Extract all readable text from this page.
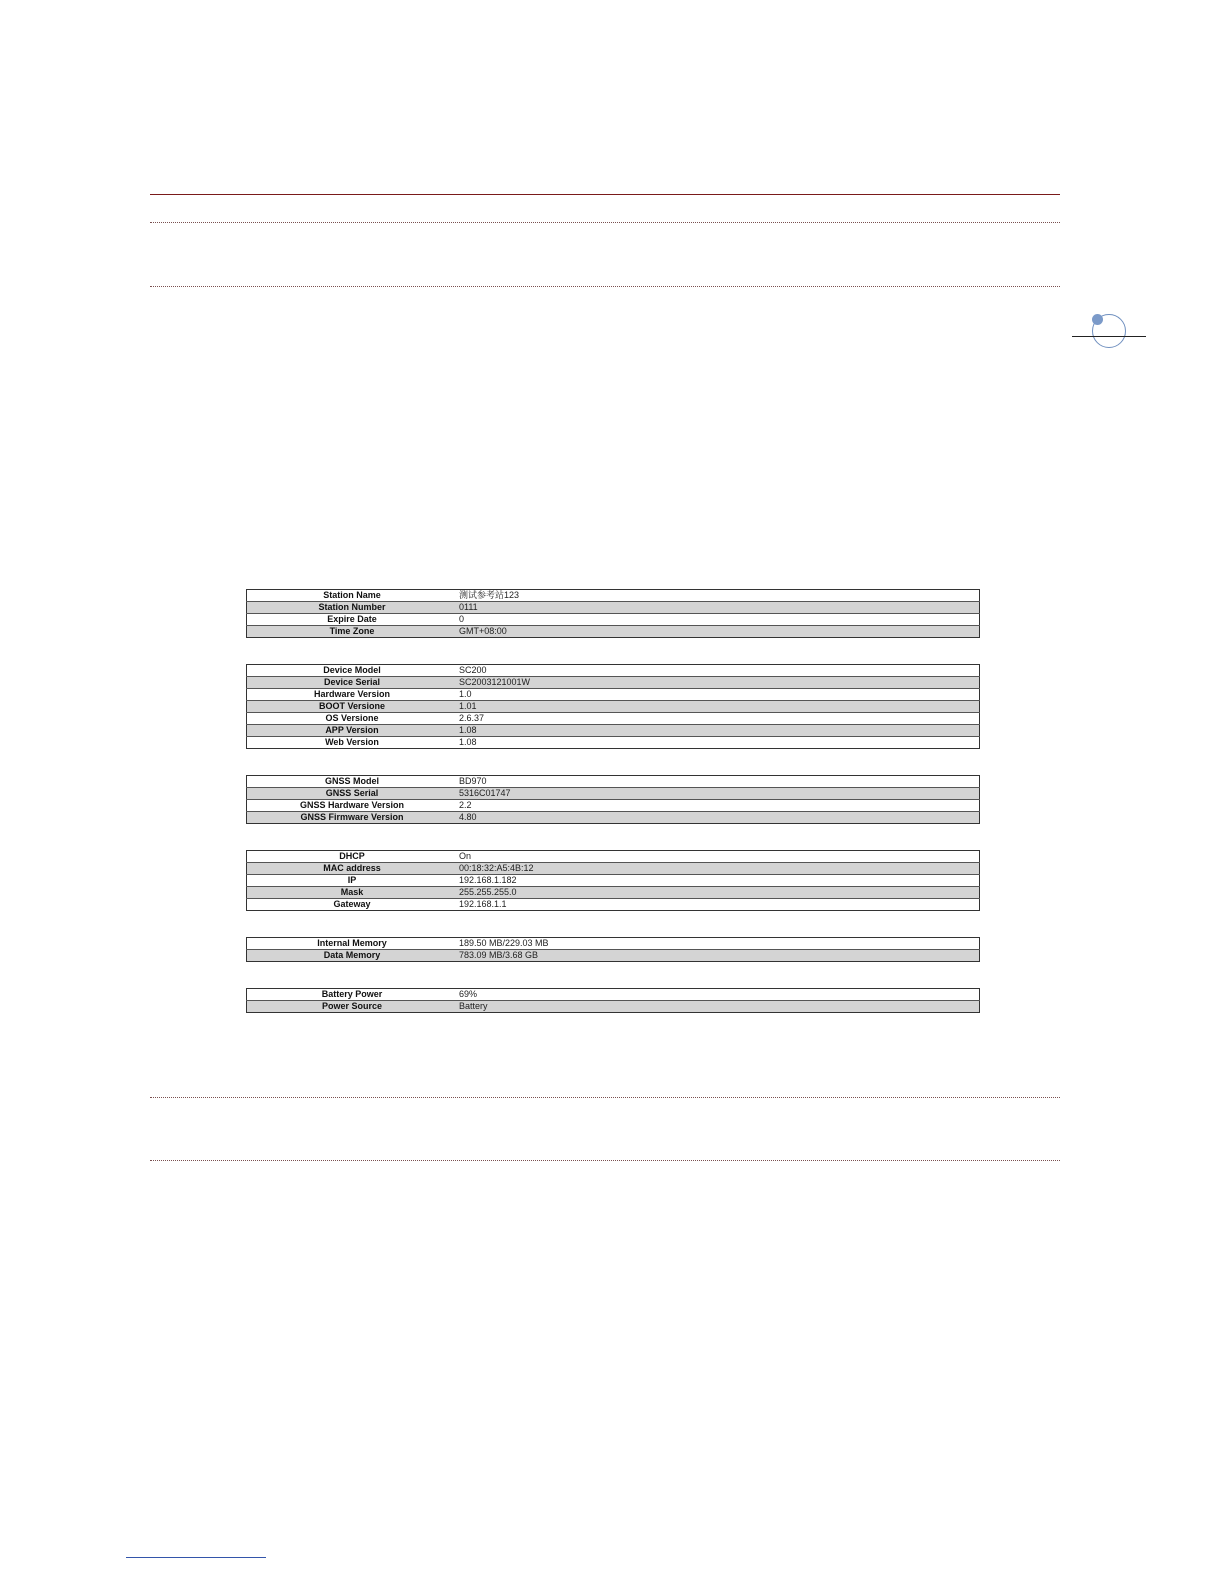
Station Name	测试参考站123
Station Number	0111
Expire Date	0
Time Zone	GMT+08:00
Device Model	SC200
Device Serial	SC2003121001W
Hardware Version	1.0
BOOT Versione	1.01
OS Versione	2.6.37
APP Version	1.08
Web Version	1.08
GNSS Model	BD970
GNSS Serial	5316C01747
GNSS Hardware Version	2.2
GNSS Firmware Version	4.80
DHCP	On
MAC address	00:18:32:A5:4B:12
IP	192.168.1.182
Mask	255.255.255.0
Gateway	192.168.1.1
Internal Memory	189.50 MB/229.03 MB
Data Memory	783.09 MB/3.68 GB
Battery Power	69%
Power Source	Battery
